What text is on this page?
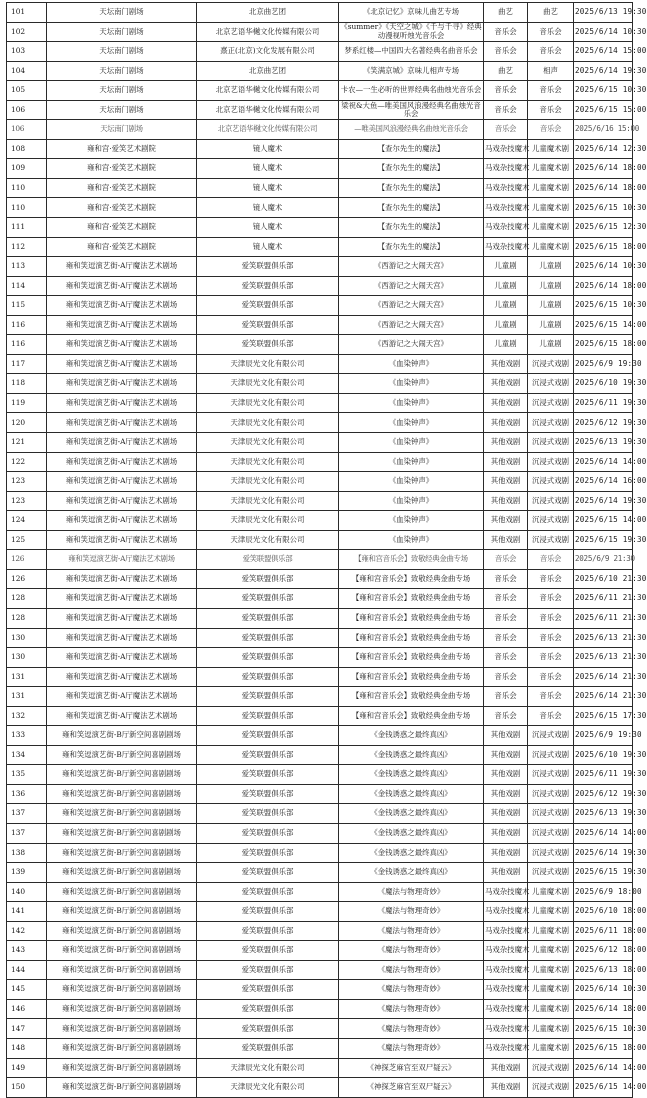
101	天坛南门剧场	北京曲艺团	《北京记忆》京味儿曲艺专场	曲艺	曲艺	2025/6/13 19:30
102	天坛南门剧场	北京艺语华樾文化传媒有限公司	《summer》《天空之城》《千与千寻》经典动漫视听烛光音乐会	音乐会	音乐会	2025/6/14 10:30
103	天坛南门剧场	熹正(北京)文化发展有限公司	梦系红楼—中国四大名著经典名曲音乐会	音乐会	音乐会	2025/6/14 15:00
104	天坛南门剧场	北京曲艺团	《笑满京城》京味儿相声专场	曲艺	相声	2025/6/14 19:30
105	天坛南门剧场	北京艺语华樾文化传媒有限公司	卡农—一生必听的世界经典名曲烛光音乐会	音乐会	音乐会	2025/6/15 10:30
106	天坛南门剧场	北京艺语华樾文化传媒有限公司	梁祝&大鱼—唯美国风浪漫经典名曲烛光音乐会	音乐会	音乐会	2025/6/15 15:00
106	天坛南门剧场	北京艺语华樾文化传媒有限公司	—唯美国风浪漫经典名曲烛光音乐会	音乐会	音乐会	2025/6/16 15:00
108	雍和宫·爱笑艺术剧院	镜人魔术	【查尔先生的魔法】	马戏杂技魔术	儿童魔术剧	2025/6/14 12:30
109	雍和宫·爱笑艺术剧院	镜人魔术	【查尔先生的魔法】	马戏杂技魔术	儿童魔术剧	2025/6/14 18:00
110	雍和宫·爱笑艺术剧院	镜人魔术	【查尔先生的魔法】	马戏杂技魔术	儿童魔术剧	2025/6/14 18:00
110	雍和宫·爱笑艺术剧院	镜人魔术	【查尔先生的魔法】	马戏杂技魔术	儿童魔术剧	2025/6/15 10:30
111	雍和宫·爱笑艺术剧院	镜人魔术	【查尔先生的魔法】	马戏杂技魔术	儿童魔术剧	2025/6/15 12:30
112	雍和宫·爱笑艺术剧院	镜人魔术	【查尔先生的魔法】	马戏杂技魔术	儿童魔术剧	2025/6/15 18:00
113	雍和笑逗演艺街-A厅魔法艺术剧场	爱笑联盟俱乐部	《西游记之大闹天宫》	儿童剧	儿童剧	2025/6/14 10:30
114	雍和笑逗演艺街-A厅魔法艺术剧场	爱笑联盟俱乐部	《西游记之大闹天宫》	儿童剧	儿童剧	2025/6/14 18:00
115	雍和笑逗演艺街-A厅魔法艺术剧场	爱笑联盟俱乐部	《西游记之大闹天宫》	儿童剧	儿童剧	2025/6/15 10:30
116	雍和笑逗演艺街-A厅魔法艺术剧场	爱笑联盟俱乐部	《西游记之大闹天宫》	儿童剧	儿童剧	2025/6/15 14:00
116	雍和笑逗演艺街-A厅魔法艺术剧场	爱笑联盟俱乐部	《西游记之大闹天宫》	儿童剧	儿童剧	2025/6/15 18:00
117	雍和笑逗演艺街-A厅魔法艺术剧场	天津辰光文化有限公司	《血染钟声》	其他戏剧	沉浸式戏剧	2025/6/9 19:30
118	雍和笑逗演艺街-A厅魔法艺术剧场	天津辰光文化有限公司	《血染钟声》	其他戏剧	沉浸式戏剧	2025/6/10 19:30
119	雍和笑逗演艺街-A厅魔法艺术剧场	天津辰光文化有限公司	《血染钟声》	其他戏剧	沉浸式戏剧	2025/6/11 19:30
120	雍和笑逗演艺街-A厅魔法艺术剧场	天津辰光文化有限公司	《血染钟声》	其他戏剧	沉浸式戏剧	2025/6/12 19:30
121	雍和笑逗演艺街-A厅魔法艺术剧场	天津辰光文化有限公司	《血染钟声》	其他戏剧	沉浸式戏剧	2025/6/13 19:30
122	雍和笑逗演艺街-A厅魔法艺术剧场	天津辰光文化有限公司	《血染钟声》	其他戏剧	沉浸式戏剧	2025/6/14 14:00
123	雍和笑逗演艺街-A厅魔法艺术剧场	天津辰光文化有限公司	《血染钟声》	其他戏剧	沉浸式戏剧	2025/6/14 16:00
123	雍和笑逗演艺街-A厅魔法艺术剧场	天津辰光文化有限公司	《血染钟声》	其他戏剧	沉浸式戏剧	2025/6/14 19:30
124	雍和笑逗演艺街-A厅魔法艺术剧场	天津辰光文化有限公司	《血染钟声》	其他戏剧	沉浸式戏剧	2025/6/15 14:00
125	雍和笑逗演艺街-A厅魔法艺术剧场	天津辰光文化有限公司	《血染钟声》	其他戏剧	沉浸式戏剧	2025/6/15 19:30
126	雍和笑逗演艺街-A厅魔法艺术剧场	爱笑联盟俱乐部	【雍和宫音乐会】致敬经典金曲专场	音乐会	音乐会	2025/6/9 21:30
126	雍和笑逗演艺街-A厅魔法艺术剧场	爱笑联盟俱乐部	【雍和宫音乐会】致敬经典金曲专场	音乐会	音乐会	2025/6/10 21:30
128	雍和笑逗演艺街-A厅魔法艺术剧场	爱笑联盟俱乐部	【雍和宫音乐会】致敬经典金曲专场	音乐会	音乐会	2025/6/11 21:30
128	雍和笑逗演艺街-A厅魔法艺术剧场	爱笑联盟俱乐部	【雍和宫音乐会】致敬经典金曲专场	音乐会	音乐会	2025/6/11 21:30
130	雍和笑逗演艺街-A厅魔法艺术剧场	爱笑联盟俱乐部	【雍和宫音乐会】致敬经典金曲专场	音乐会	音乐会	2025/6/13 21:30
130	雍和笑逗演艺街-A厅魔法艺术剧场	爱笑联盟俱乐部	【雍和宫音乐会】致敬经典金曲专场	音乐会	音乐会	2025/6/13 21:30
131	雍和笑逗演艺街-A厅魔法艺术剧场	爱笑联盟俱乐部	【雍和宫音乐会】致敬经典金曲专场	音乐会	音乐会	2025/6/14 21:30
131	雍和笑逗演艺街-A厅魔法艺术剧场	爱笑联盟俱乐部	【雍和宫音乐会】致敬经典金曲专场	音乐会	音乐会	2025/6/14 21:30
132	雍和笑逗演艺街-A厅魔法艺术剧场	爱笑联盟俱乐部	【雍和宫音乐会】致敬经典金曲专场	音乐会	音乐会	2025/6/15 17:30
133	雍和笑逗演艺街-B厅新空间喜剧剧场	爱笑联盟俱乐部	《金钱诱惑之最终真凶》	其他戏剧	沉浸式戏剧	2025/6/9 19:30
134	雍和笑逗演艺街-B厅新空间喜剧剧场	爱笑联盟俱乐部	《金钱诱惑之最终真凶》	其他戏剧	沉浸式戏剧	2025/6/10 19:30
135	雍和笑逗演艺街-B厅新空间喜剧剧场	爱笑联盟俱乐部	《金钱诱惑之最终真凶》	其他戏剧	沉浸式戏剧	2025/6/11 19:30
136	雍和笑逗演艺街-B厅新空间喜剧剧场	爱笑联盟俱乐部	《金钱诱惑之最终真凶》	其他戏剧	沉浸式戏剧	2025/6/12 19:30
137	雍和笑逗演艺街-B厅新空间喜剧剧场	爱笑联盟俱乐部	《金钱诱惑之最终真凶》	其他戏剧	沉浸式戏剧	2025/6/13 19:30
137	雍和笑逗演艺街-B厅新空间喜剧剧场	爱笑联盟俱乐部	《金钱诱惑之最终真凶》	其他戏剧	沉浸式戏剧	2025/6/14 14:00
138	雍和笑逗演艺街-B厅新空间喜剧剧场	爱笑联盟俱乐部	《金钱诱惑之最终真凶》	其他戏剧	沉浸式戏剧	2025/6/14 19:30
139	雍和笑逗演艺街-B厅新空间喜剧剧场	爱笑联盟俱乐部	《金钱诱惑之最终真凶》	其他戏剧	沉浸式戏剧	2025/6/15 19:30
140	雍和笑逗演艺街-B厅新空间喜剧剧场	爱笑联盟俱乐部	《魔法与物理奇妙》	马戏杂技魔术	儿童魔术剧	2025/6/9 18:00
141	雍和笑逗演艺街-B厅新空间喜剧剧场	爱笑联盟俱乐部	《魔法与物理奇妙》	马戏杂技魔术	儿童魔术剧	2025/6/10 18:00
142	雍和笑逗演艺街-B厅新空间喜剧剧场	爱笑联盟俱乐部	《魔法与物理奇妙》	马戏杂技魔术	儿童魔术剧	2025/6/11 18:00
143	雍和笑逗演艺街-B厅新空间喜剧剧场	爱笑联盟俱乐部	《魔法与物理奇妙》	马戏杂技魔术	儿童魔术剧	2025/6/12 18:00
144	雍和笑逗演艺街-B厅新空间喜剧剧场	爱笑联盟俱乐部	《魔法与物理奇妙》	马戏杂技魔术	儿童魔术剧	2025/6/13 18:00
145	雍和笑逗演艺街-B厅新空间喜剧剧场	爱笑联盟俱乐部	《魔法与物理奇妙》	马戏杂技魔术	儿童魔术剧	2025/6/14 10:30
146	雍和笑逗演艺街-B厅新空间喜剧剧场	爱笑联盟俱乐部	《魔法与物理奇妙》	马戏杂技魔术	儿童魔术剧	2025/6/14 18:00
147	雍和笑逗演艺街-B厅新空间喜剧剧场	爱笑联盟俱乐部	《魔法与物理奇妙》	马戏杂技魔术	儿童魔术剧	2025/6/15 10:30
148	雍和笑逗演艺街-B厅新空间喜剧剧场	爱笑联盟俱乐部	《魔法与物理奇妙》	马戏杂技魔术	儿童魔术剧	2025/6/15 18:00
149	雍和笑逗演艺街-B厅新空间喜剧剧场	天津辰光文化有限公司	《神探芝麻官至双尸疑云》	其他戏剧	沉浸式戏剧	2025/6/14 14:00
150	雍和笑逗演艺街-B厅新空间喜剧剧场	天津辰光文化有限公司	《神探芝麻官至双尸疑云》	其他戏剧	沉浸式戏剧	2025/6/15 14:00
